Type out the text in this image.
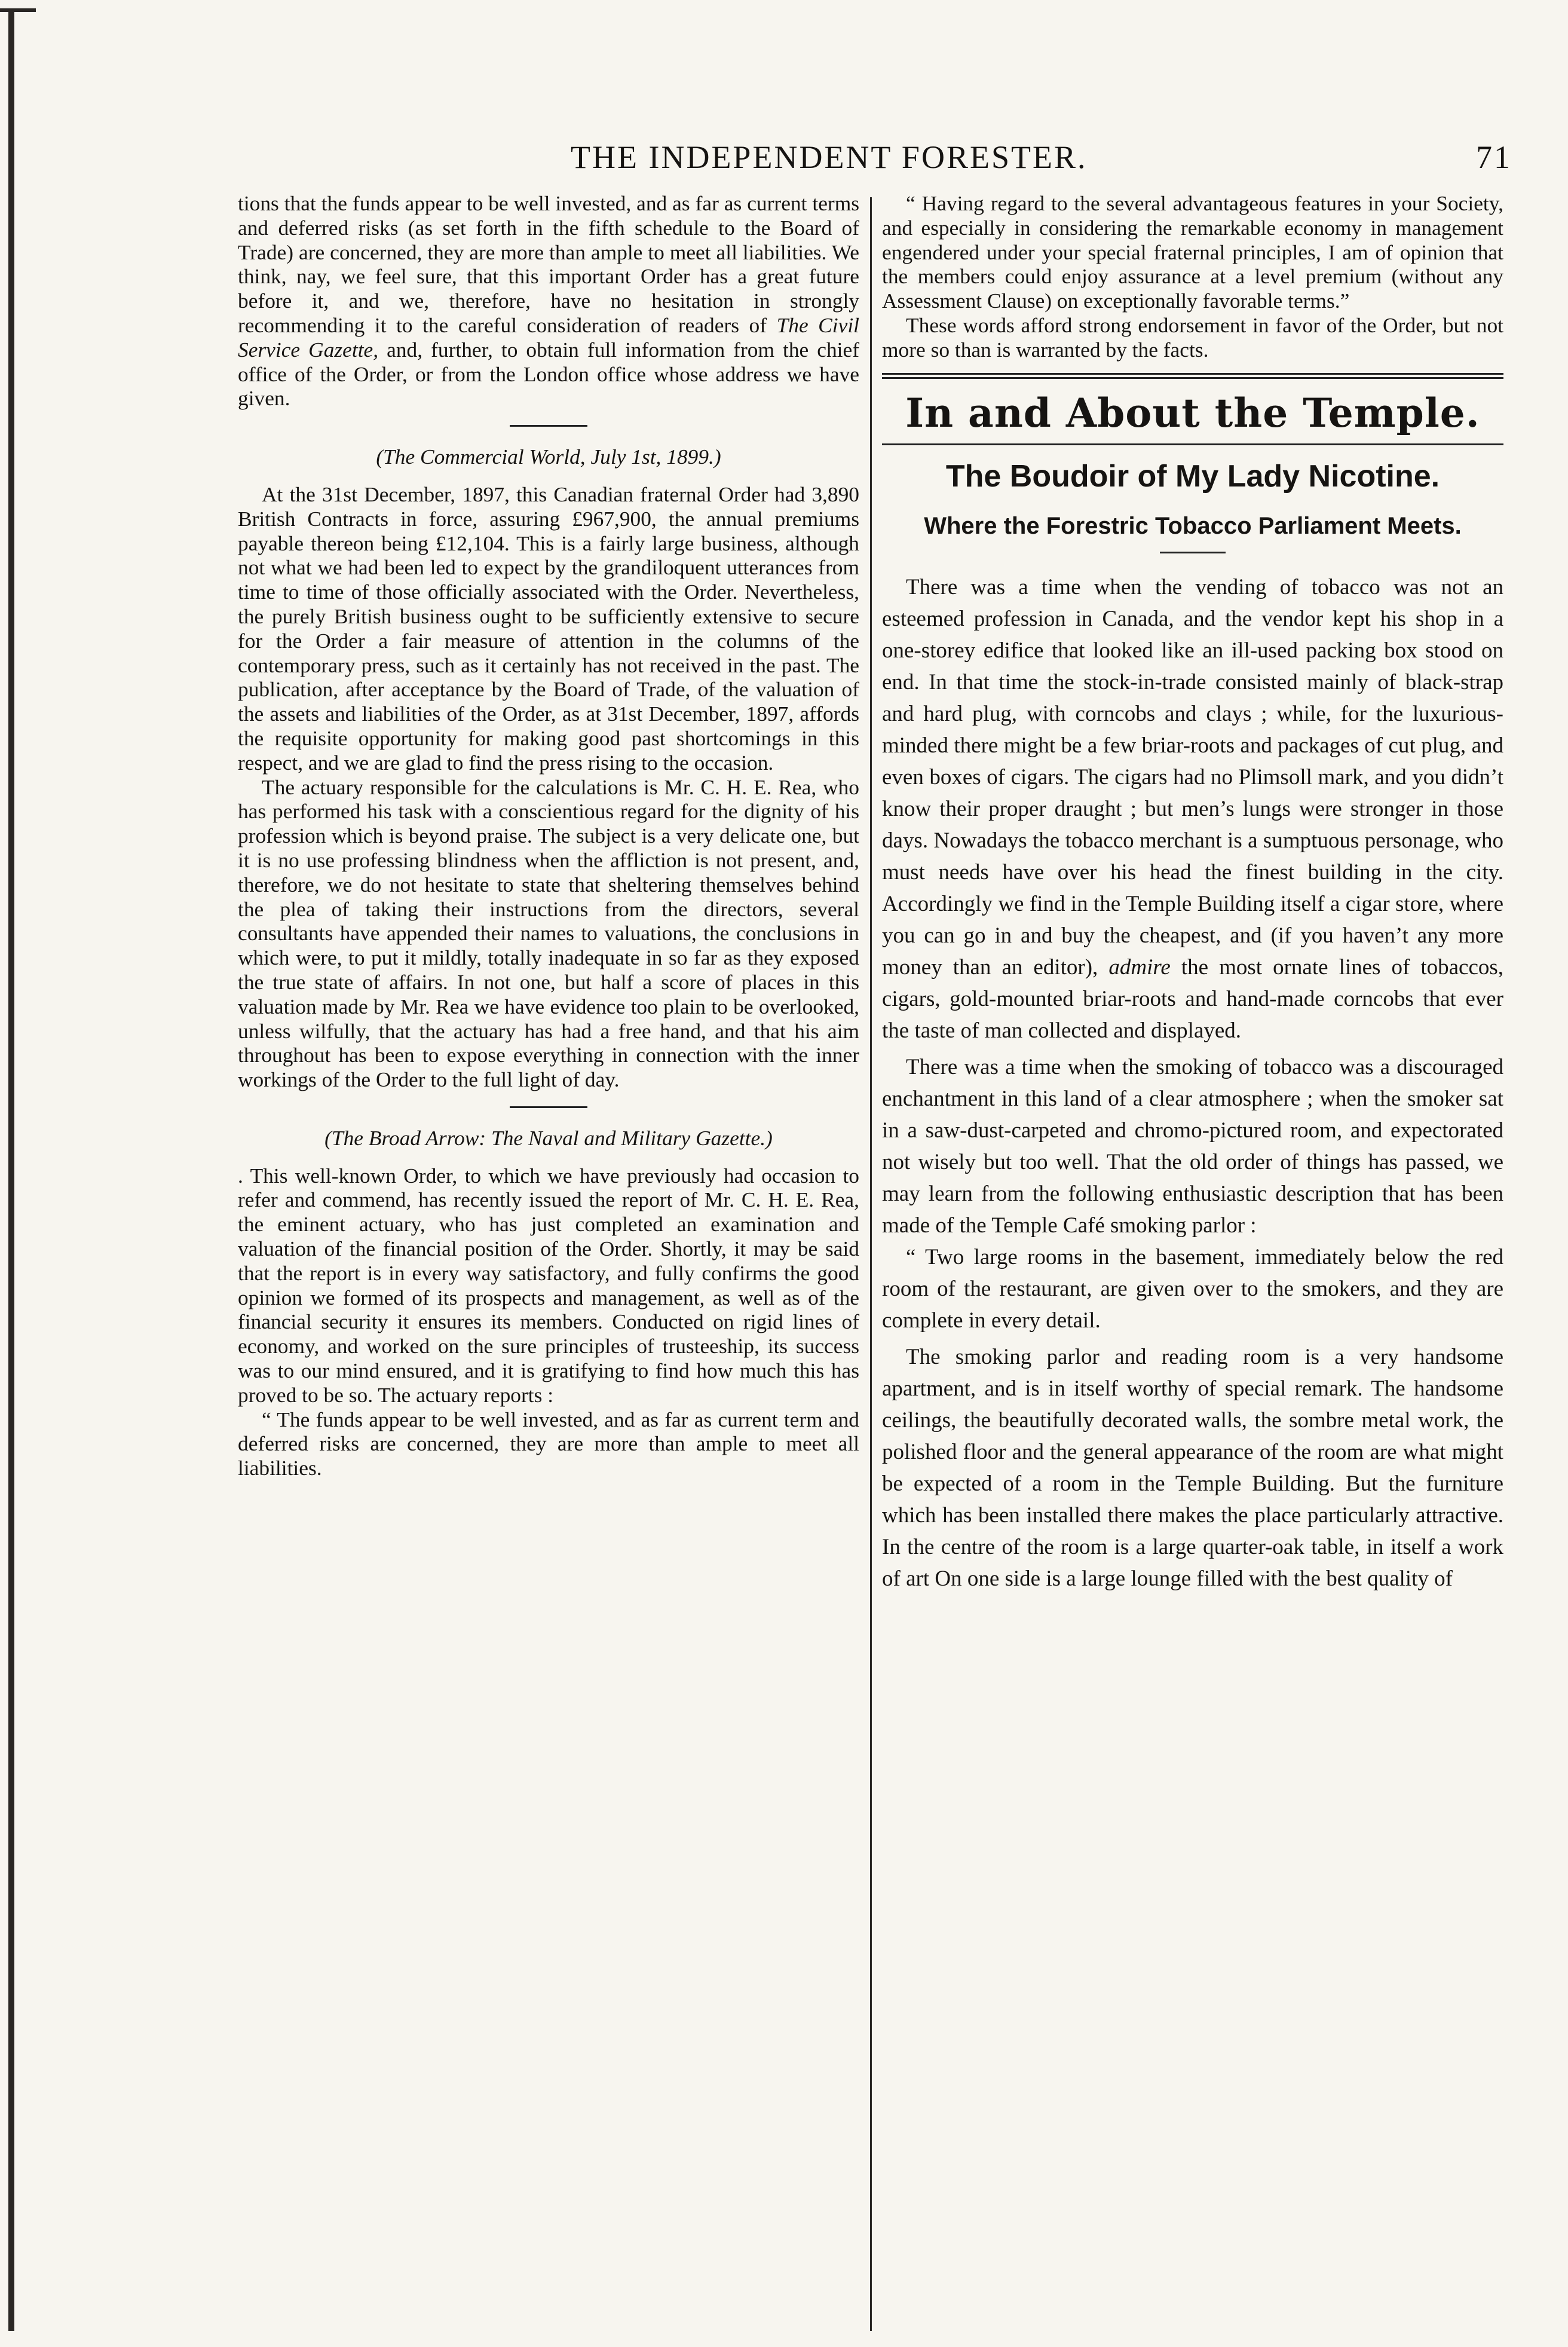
THE INDEPENDENT FORESTER.	71

tions that the funds appear to be well invested, and as far as current terms and deferred risks (as set forth in the fifth schedule to the Board of Trade) are concerned, they are more than ample to meet all liabilities. We think, nay, we feel sure, that this important Order has a great future before it, and we, therefore, have no hesitation in strongly recommending it to the careful consideration of readers of The Civil Service Gazette, and, further, to obtain full information from the chief office of the Order, or from the London office whose address we have given.

(The Commercial World, July 1st, 1899.)

At the 31st December, 1897, this Canadian fraternal Order had 3,890 British Contracts in force, assuring £967,900, the annual premiums payable thereon being £12,104. This is a fairly large business, although not what we had been led to expect by the grandiloquent utterances from time to time of those officially associated with the Order. Nevertheless, the purely British business ought to be sufficiently extensive to secure for the Order a fair measure of attention in the columns of the contemporary press, such as it certainly has not received in the past. The publication, after acceptance by the Board of Trade, of the valuation of the assets and liabilities of the Order, as at 31st December, 1897, affords the requisite opportunity for making good past shortcomings in this respect, and we are glad to find the press rising to the occasion.

The actuary responsible for the calculations is Mr. C. H. E. Rea, who has performed his task with a conscientious regard for the dignity of his profession which is beyond praise. The subject is a very delicate one, but it is no use professing blindness when the affliction is not present, and, therefore, we do not hesitate to state that sheltering themselves behind the plea of taking their instructions from the directors, several consultants have appended their names to valuations, the conclusions in which were, to put it mildly, totally inadequate in so far as they exposed the true state of affairs. In not one, but half a score of places in this valuation made by Mr. Rea we have evidence too plain to be overlooked, unless wilfully, that the actuary has had a free hand, and that his aim throughout has been to expose everything in connection with the inner workings of the Order to the full light of day.

(The Broad Arrow: The Naval and Military Gazette.)

. This well-known Order, to which we have previously had occasion to refer and commend, has recently issued the report of Mr. C. H. E. Rea, the eminent actuary, who has just completed an examination and valuation of the financial position of the Order. Shortly, it may be said that the report is in every way satisfactory, and fully confirms the good opinion we formed of its prospects and management, as well as of the financial security it ensures its members. Conducted on rigid lines of economy, and worked on the sure principles of trusteeship, its success was to our mind ensured, and it is gratifying to find how much this has proved to be so. The actuary reports :

“ The funds appear to be well invested, and as far as current term and deferred risks are concerned, they are more than ample to meet all liabilities.

“ Having regard to the several advantageous features in your Society, and especially in considering the remarkable economy in management engendered under your special fraternal principles, I am of opinion that the members could enjoy assurance at a level premium (without any Assessment Clause) on exceptionally favorable terms.”

These words afford strong endorsement in favor of the Order, but not more so than is warranted by the facts.

In and About the Temple.
The Boudoir of My Lady Nicotine.
Where the Forestric Tobacco Parliament Meets.

There was a time when the vending of tobacco was not an esteemed profession in Canada, and the vendor kept his shop in a one-storey edifice that looked like an ill-used packing box stood on end. In that time the stock-in-trade consisted mainly of black-strap and hard plug, with corncobs and clays ; while, for the luxurious-minded there might be a few briar-roots and packages of cut plug, and even boxes of cigars. The cigars had no Plimsoll mark, and you didn’t know their proper draught ; but men’s lungs were stronger in those days. Nowadays the tobacco merchant is a sumptuous personage, who must needs have over his head the finest building in the city. Accordingly we find in the Temple Building itself a cigar store, where you can go in and buy the cheapest, and (if you haven’t any more money than an editor), admire the most ornate lines of tobaccos, cigars, gold-mounted briar-roots and hand-made corncobs that ever the taste of man collected and displayed.

There was a time when the smoking of tobacco was a discouraged enchantment in this land of a clear atmosphere ; when the smoker sat in a saw-dust-carpeted and chromo-pictured room, and expectorated not wisely but too well. That the old order of things has passed, we may learn from the following enthusiastic description that has been made of the Temple Café smoking parlor :

“ Two large rooms in the basement, immediately below the red room of the restaurant, are given over to the smokers, and they are complete in every detail.

The smoking parlor and reading room is a very handsome apartment, and is in itself worthy of special remark. The handsome ceilings, the beautifully decorated walls, the sombre metal work, the polished floor and the general appearance of the room are what might be expected of a room in the Temple Building. But the furniture which has been installed there makes the place particularly attractive. In the centre of the room is a large quarter-oak table, in itself a work of art On one side is a large lounge filled with the best quality of
